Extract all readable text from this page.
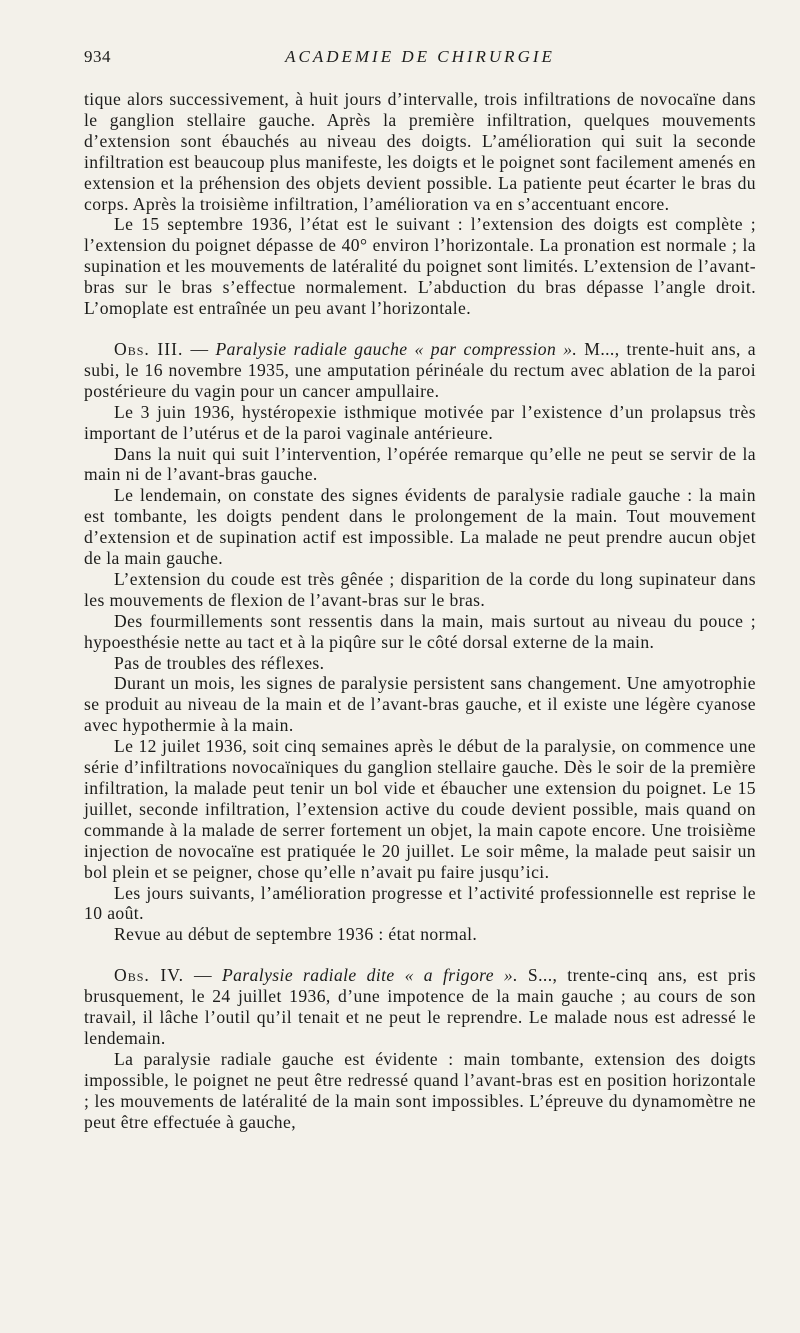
934	ACADEMIE DE CHIRURGIE

tique alors successivement, à huit jours d’intervalle, trois infiltrations de novocaïne dans le ganglion stellaire gauche. Après la première infiltration, quelques mouvements d’extension sont ébauchés au niveau des doigts. L’amélioration qui suit la seconde infiltration est beaucoup plus manifeste, les doigts et le poignet sont facilement amenés en extension et la préhension des objets devient possible. La patiente peut écarter le bras du corps. Après la troisième infiltration, l’amélioration va en s’accentuant encore.

Le 15 septembre 1936, l’état est le suivant : l’extension des doigts est complète ; l’extension du poignet dépasse de 40° environ l’horizontale. La pronation est normale ; la supination et les mouvements de latéralité du poignet sont limités. L’extension de l’avant-bras sur le bras s’effectue normalement. L’abduction du bras dépasse l’angle droit. L’omoplate est entraînée un peu avant l’horizontale.

Obs. III. — Paralysie radiale gauche « par compression ». M..., trente-huit ans, a subi, le 16 novembre 1935, une amputation périnéale du rectum avec ablation de la paroi postérieure du vagin pour un cancer ampullaire.

Le 3 juin 1936, hystéropexie isthmique motivée par l’existence d’un prolapsus très important de l’utérus et de la paroi vaginale antérieure.

Dans la nuit qui suit l’intervention, l’opérée remarque qu’elle ne peut se servir de la main ni de l’avant-bras gauche.

Le lendemain, on constate des signes évidents de paralysie radiale gauche : la main est tombante, les doigts pendent dans le prolongement de la main. Tout mouvement d’extension et de supination actif est impossible. La malade ne peut prendre aucun objet de la main gauche.

L’extension du coude est très gênée ; disparition de la corde du long supinateur dans les mouvements de flexion de l’avant-bras sur le bras.

Des fourmillements sont ressentis dans la main, mais surtout au niveau du pouce ; hypoesthésie nette au tact et à la piqûre sur le côté dorsal externe de la main.

Pas de troubles des réflexes.

Durant un mois, les signes de paralysie persistent sans changement. Une amyotrophie se produit au niveau de la main et de l’avant-bras gauche, et il existe une légère cyanose avec hypothermie à la main.

Le 12 juilet 1936, soit cinq semaines après le début de la paralysie, on commence une série d’infiltrations novocaïniques du ganglion stellaire gauche. Dès le soir de la première infiltration, la malade peut tenir un bol vide et ébaucher une extension du poignet. Le 15 juillet, seconde infiltration, l’extension active du coude devient possible, mais quand on commande à la malade de serrer fortement un objet, la main capote encore. Une troisième injection de novocaïne est pratiquée le 20 juillet. Le soir même, la malade peut saisir un bol plein et se peigner, chose qu’elle n’avait pu faire jusqu’ici.

Les jours suivants, l’amélioration progresse et l’activité professionnelle est reprise le 10 août.

Revue au début de septembre 1936 : état normal.

Obs. IV. — Paralysie radiale dite « a frigore ». S..., trente-cinq ans, est pris brusquement, le 24 juillet 1936, d’une impotence de la main gauche ; au cours de son travail, il lâche l’outil qu’il tenait et ne peut le reprendre. Le malade nous est adressé le lendemain.

La paralysie radiale gauche est évidente : main tombante, extension des doigts impossible, le poignet ne peut être redressé quand l’avant-bras est en position horizontale ; les mouvements de latéralité de la main sont impossibles. L’épreuve du dynamomètre ne peut être effectuée à gauche,
